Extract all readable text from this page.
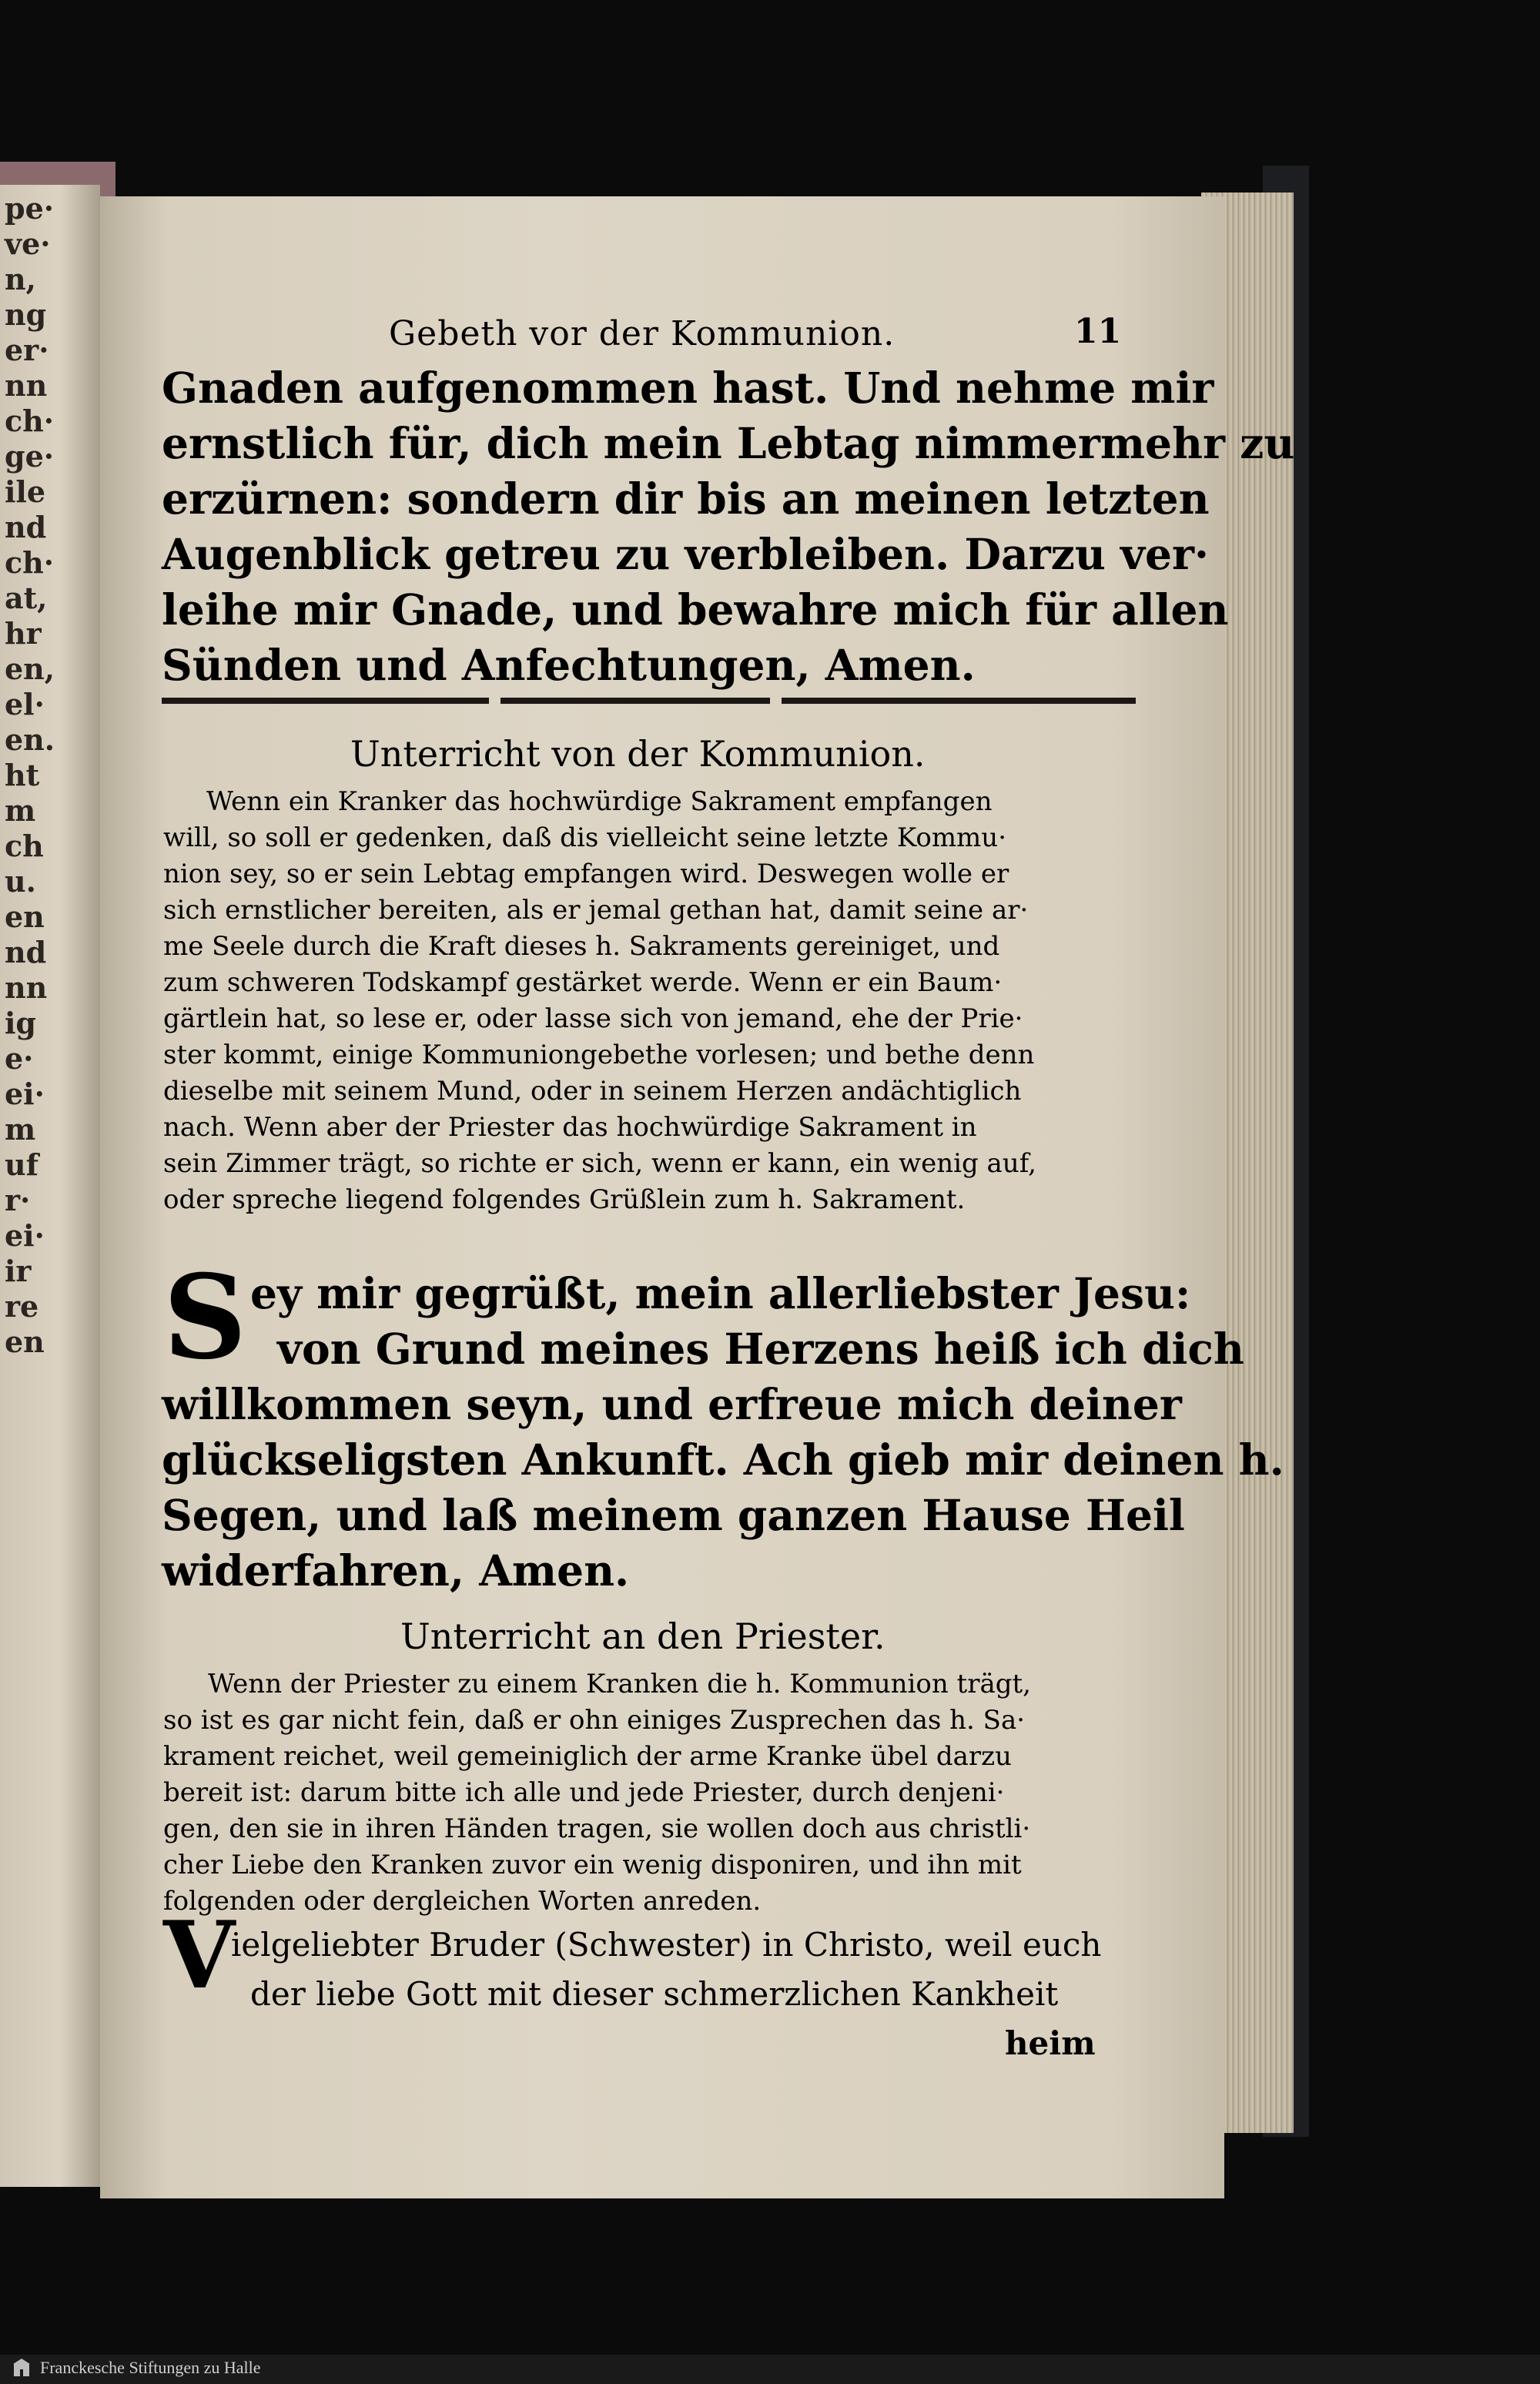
pe·
ve·
n,
ng
er·
nn
ch·
ge·
ile
nd
ch·
at,
hr
en,
el·
en.
ht
m
ch
u.
en
nd
nn
ig
e·
ei·
m
uf
r·
ei·
ir
re
en
Gebeth vor der Kommunion.	11
Gnaden aufgenommen hast. Und nehme mir
ernstlich für, dich mein Lebtag nimmermehr zu
erzürnen: sondern dir bis an meinen letzten
Augenblick getreu zu verbleiben. Darzu ver·
leihe mir Gnade, und bewahre mich für allen
Sünden und Anfechtungen, Amen.
Unterricht von der Kommunion.
Wenn ein Kranker das hochwürdige Sakrament empfangen
will, so soll er gedenken, daß dis vielleicht seine letzte Kommu·
nion sey, so er sein Lebtag empfangen wird. Deswegen wolle er
sich ernstlicher bereiten, als er jemal gethan hat, damit seine ar·
me Seele durch die Kraft dieses h. Sakraments gereiniget, und
zum schweren Todskampf gestärket werde. Wenn er ein Baum·
gärtlein hat, so lese er, oder lasse sich von jemand, ehe der Prie·
ster kommt, einige Kommuniongebethe vorlesen; und bethe denn
dieselbe mit seinem Mund, oder in seinem Herzen andächtiglich
nach. Wenn aber der Priester das hochwürdige Sakrament in
sein Zimmer trägt, so richte er sich, wenn er kann, ein wenig auf,
oder spreche liegend folgendes Grüßlein zum h. Sakrament.
S ey mir gegrüßt, mein allerliebster Jesu:
von Grund meines Herzens heiß ich dich
willkommen seyn, und erfreue mich deiner
glückseligsten Ankunft. Ach gieb mir deinen h.
Segen, und laß meinem ganzen Hause Heil
widerfahren, Amen.
Unterricht an den Priester.
Wenn der Priester zu einem Kranken die h. Kommunion trägt,
so ist es gar nicht fein, daß er ohn einiges Zusprechen das h. Sa·
krament reichet, weil gemeiniglich der arme Kranke übel darzu
bereit ist: darum bitte ich alle und jede Priester, durch denjeni·
gen, den sie in ihren Händen tragen, sie wollen doch aus christli·
cher Liebe den Kranken zuvor ein wenig disponiren, und ihn mit
folgenden oder dergleichen Worten anreden.
V
ielgeliebter Bruder (Schwester) in Christo, weil euch
der liebe Gott mit dieser schmerzlichen Kankheit
heim
Franckesche Stiftungen zu Halle
